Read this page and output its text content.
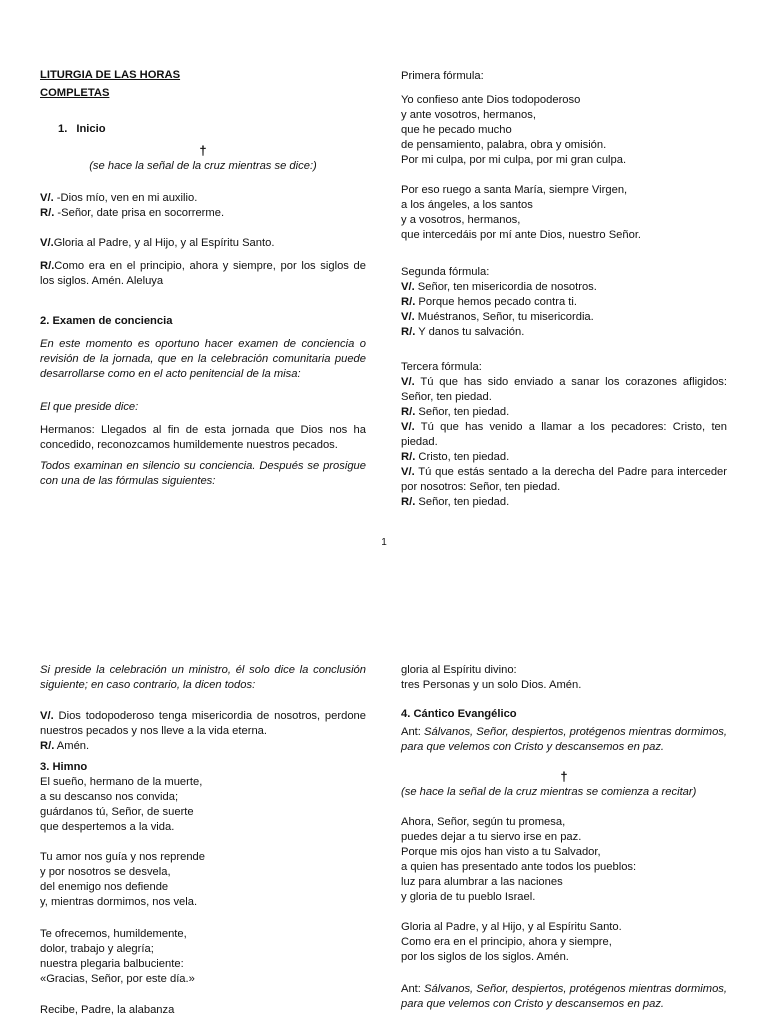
LITURGIA DE LAS HORAS

COMPLETAS

1. Inicio

†

(se hace la señal de la cruz mientras se dice:)

V/. -Dios mío, ven en mi auxilio.

R/. -Señor, date prisa en socorrerme.

V/.Gloria al Padre, y al Hijo, y al Espíritu Santo.

R/.Como era en el principio, ahora y siempre, por los siglos de los siglos. Amén. Aleluya

2. Examen de conciencia

En este momento es oportuno hacer examen de conciencia o revisión de la jornada, que en la celebración comunitaria puede desarrollarse como en el acto penitencial de la misa:

El que preside dice:

Hermanos: Llegados al fin de esta jornada que Dios nos ha concedido, reconozcamos humildemente nuestros pecados.

Todos examinan en silencio su conciencia. Después se prosigue con una de las fórmulas siguientes:

Primera fórmula:

Yo confieso ante Dios todopoderoso

y ante vosotros, hermanos,

que he pecado mucho

de pensamiento, palabra, obra y omisión.

Por mi culpa, por mi culpa, por mi gran culpa.

Por eso ruego a santa María, siempre Virgen,

a los ángeles, a los santos

y a vosotros, hermanos,

que intercedáis por mí ante Dios, nuestro Señor.

Segunda fórmula:

V/. Señor, ten misericordia de nosotros.

R/. Porque hemos pecado contra ti.

V/. Muéstranos, Señor, tu misericordia.

R/. Y danos tu salvación.

Tercera fórmula:

V/. Tú que has sido enviado a sanar los corazones afligidos: Señor, ten piedad.

R/. Señor, ten piedad.

V/. Tú que has venido a llamar a los pecadores: Cristo, ten piedad.

R/. Cristo, ten piedad.

V/. Tú que estás sentado a la derecha del Padre para interceder por nosotros: Señor, ten piedad.

R/. Señor, ten piedad.

1

Si preside la celebración un ministro, él solo dice la conclusión siguiente; en caso contrario, la dicen todos:

V/. Dios todopoderoso tenga misericordia de nosotros, perdone nuestros pecados y nos lleve a la vida eterna.

R/. Amén.

3. Himno

El sueño, hermano de la muerte,

a su descanso nos convida;

guárdanos tú, Señor, de suerte

que despertemos a la vida.

Tu amor nos guía y nos reprende

y por nosotros se desvela,

del enemigo nos defiende

y, mientras dormimos, nos vela.

Te ofrecemos, humildemente,

dolor, trabajo y alegría;

nuestra plegaria balbuciente:

«Gracias, Señor, por este día.»

Recibe, Padre, la alabanza

gloria al Espíritu divino:

tres Personas y un solo Dios. Amén.

4. Cántico Evangélico

Ant: Sálvanos, Señor, despiertos, protégenos mientras dormimos, para que velemos con Cristo y descansemos en paz.

†

(se hace la señal de la cruz mientras se comienza a recitar)

Ahora, Señor, según tu promesa,

puedes dejar a tu siervo irse en paz.

Porque mis ojos han visto a tu Salvador,

a quien has presentado ante todos los pueblos:

luz para alumbrar a las naciones

y gloria de tu pueblo Israel.

Gloria al Padre, y al Hijo, y al Espíritu Santo.

Como era en el principio, ahora y siempre,

por los siglos de los siglos. Amén.

Ant: Sálvanos, Señor, despiertos, protégenos mientras dormimos, para que velemos con Cristo y descansemos en paz.
